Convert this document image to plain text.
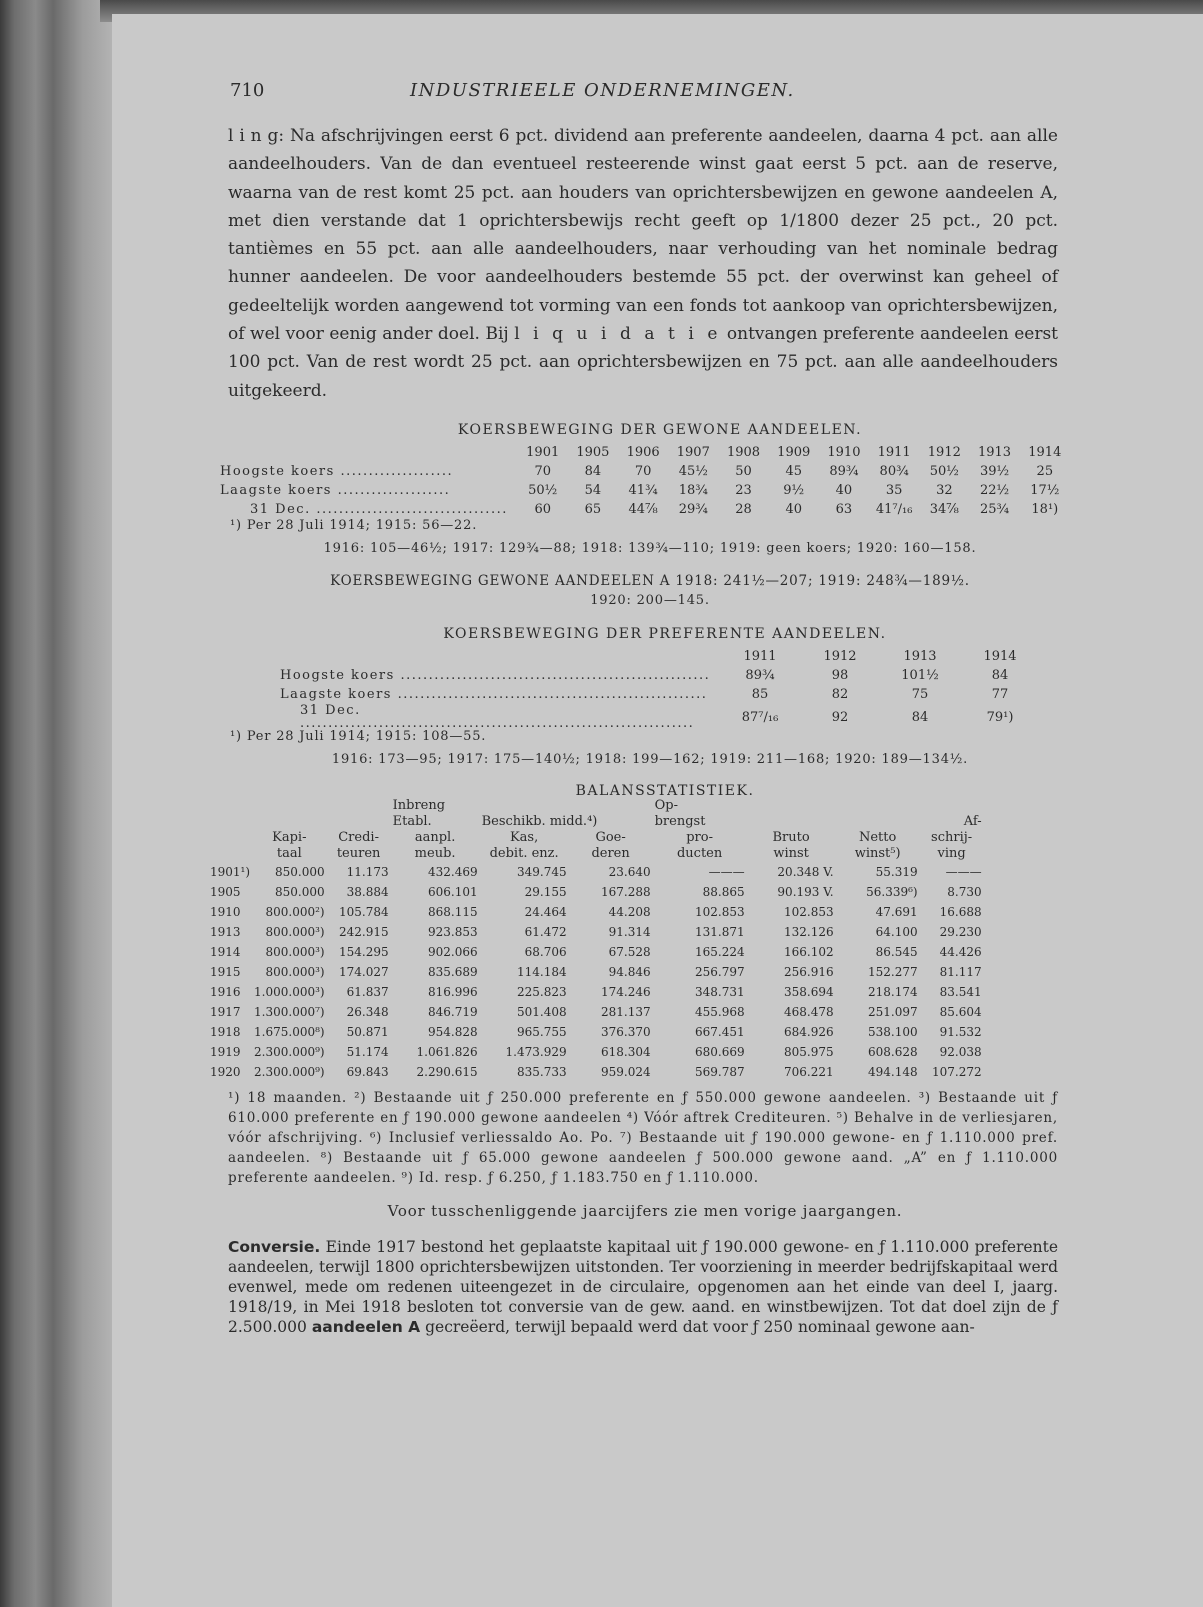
710	INDUSTRIEELE ONDERNEMINGEN.

l i n g: Na afschrijvingen eerst 6 pct. dividend aan preferente aandeelen, daarna 4 pct. aan alle aandeelhouders. Van de dan eventueel resteerende winst gaat eerst 5 pct. aan de reserve, waarna van de rest komt 25 pct. aan houders van oprichtersbewijzen en gewone aandeelen A, met dien verstande dat 1 oprichtersbewijs recht geeft op 1/1800 dezer 25 pct., 20 pct. tantièmes en 55 pct. aan alle aandeelhouders, naar verhouding van het nominale bedrag hunner aandeelen. De voor aandeelhouders bestemde 55 pct. der overwinst kan geheel of gedeeltelijk worden aangewend tot vorming van een fonds tot aankoop van oprichtersbewijzen, of wel voor eenig ander doel. Bij l i q u i d a t i e ontvangen preferente aandeelen eerst 100 pct. Van de rest wordt 25 pct. aan oprichtersbewijzen en 75 pct. aan alle aandeelhouders uitgekeerd.

KOERSBEWEGING DER GEWONE AANDEELEN.
	1901	1905	1906	1907	1908	1909	1910	1911	1912	1913	1914
Hoogste koers ....................	70	84	70	45½	50	45	89¾	80¾	50½	39½	25
Laagste koers ....................	50½	54	41¾	18¾	23	9½	40	35	32	22½	17½
31 Dec. ..................................	60	65	44⅞	29¾	28	40	63	41⁷/₁₆	34⅞	25¾	18¹)
¹) Per 28 Juli 1914; 1915: 56—22.
1916: 105—46½; 1917: 129¾—88; 1918: 139¾—110; 1919: geen koers; 1920: 160—158.
KOERSBEWEGING GEWONE AANDEELEN A 1918: 241½—207; 1919: 248¾—189½.
1920: 200—145.
KOERSBEWEGING DER PREFERENTE AANDEELEN.
	1911	1912	1913	1914
Hoogste koers .......................................................	89¾	98	101½	84
Laagste koers .......................................................	85	82	75	77
31 Dec. ......................................................................	87⁷/₁₆	92	84	79¹)
¹) Per 28 Juli 1914; 1915: 108—55.
1916: 173—95; 1917: 175—140½; 1918: 199—162; 1919: 211—168; 1920: 189—134½.
BALANSSTATISTIEK.
			Inbreng			Op-			
			Etabl.	Beschikb. midd.⁴)		brengst			Af-
	Kapi-	Credi-	aanpl.	Kas,	Goe-	pro-	Bruto	Netto	schrij-
	taal	teuren	meub.	debit. enz.	deren	ducten	winst	winst⁵)	ving
1901¹)	850.000	11.173	432.469	349.745	23.640	———	20.348 V.	55.319	———
1905	850.000	38.884	606.101	29.155	167.288	88.865	90.193 V.	56.339⁶)	8.730
1910	800.000²)	105.784	868.115	24.464	44.208	102.853	102.853	47.691	16.688
1913	800.000³)	242.915	923.853	61.472	91.314	131.871	132.126	64.100	29.230
1914	800.000³)	154.295	902.066	68.706	67.528	165.224	166.102	86.545	44.426
1915	800.000³)	174.027	835.689	114.184	94.846	256.797	256.916	152.277	81.117
1916	1.000.000³)	61.837	816.996	225.823	174.246	348.731	358.694	218.174	83.541
1917	1.300.000⁷)	26.348	846.719	501.408	281.137	455.968	468.478	251.097	85.604
1918	1.675.000⁸)	50.871	954.828	965.755	376.370	667.451	684.926	538.100	91.532
1919	2.300.000⁹)	51.174	1.061.826	1.473.929	618.304	680.669	805.975	608.628	92.038
1920	2.300.000⁹)	69.843	2.290.615	835.733	959.024	569.787	706.221	494.148	107.272

¹) 18 maanden. ²) Bestaande uit ƒ 250.000 preferente en ƒ 550.000 gewone aandeelen. ³) Bestaande uit ƒ 610.000 preferente en ƒ 190.000 gewone aandeelen ⁴) Vóór aftrek Crediteuren. ⁵) Behalve in de verliesjaren, vóór afschrijving. ⁶) Inclusief verliessaldo Ao. Po. ⁷) Bestaande uit ƒ 190.000 gewone- en ƒ 1.110.000 pref. aandeelen. ⁸) Bestaande uit ƒ 65.000 gewone aandeelen ƒ 500.000 gewone aand. „A” en ƒ 1.110.000 preferente aandeelen. ⁹) Id. resp. ƒ 6.250, ƒ 1.183.750 en ƒ 1.110.000.

Voor tusschenliggende jaarcijfers zie men vorige jaargangen.

Conversie. Einde 1917 bestond het geplaatste kapitaal uit ƒ 190.000 gewone- en ƒ 1.110.000 preferente aandeelen, terwijl 1800 oprichtersbewijzen uitstonden. Ter voorziening in meerder bedrijfskapitaal werd evenwel, mede om redenen uiteengezet in de circulaire, opgenomen aan het einde van deel I, jaarg. 1918/19, in Mei 1918 besloten tot conversie van de gew. aand. en winstbewijzen. Tot dat doel zijn de ƒ 2.500.000 aandeelen A gecreëerd, terwijl bepaald werd dat voor ƒ 250 nominaal gewone aan-
